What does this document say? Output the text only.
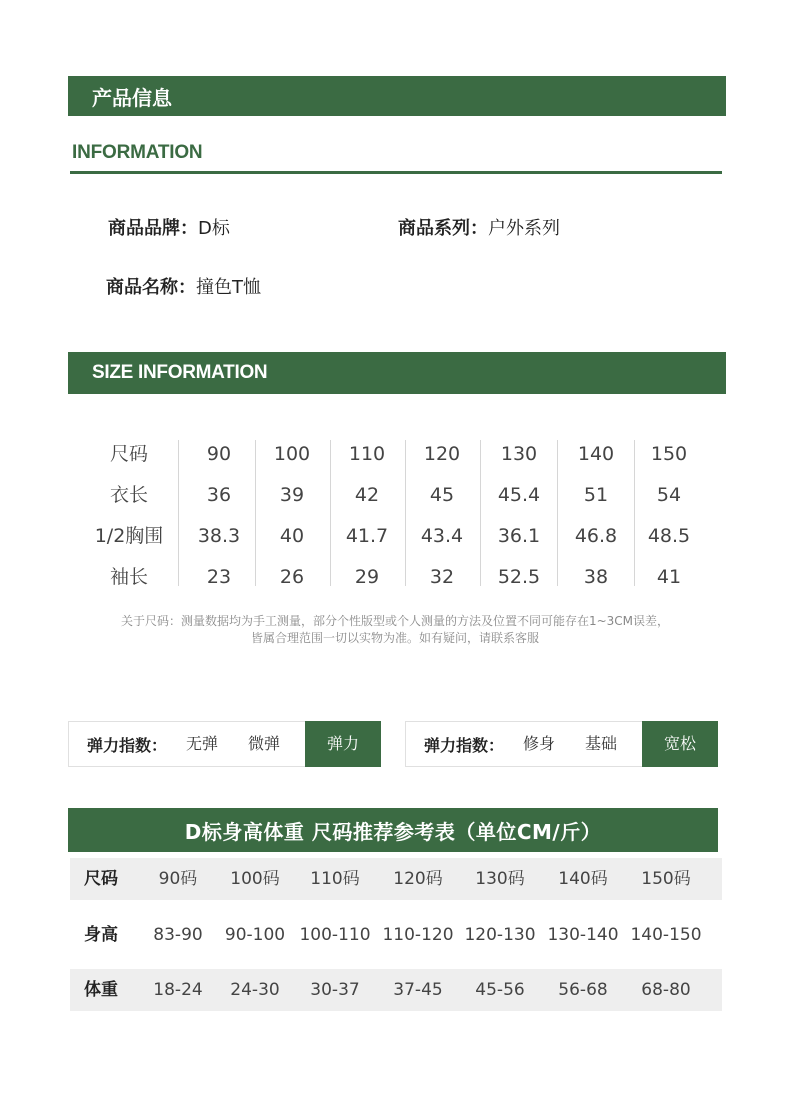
产品信息
INFORMATION
商品品牌：D标	商品系列：户外系列
商品名称：撞色T恤
SIZE INFORMATION
尺码	90	100	110	120	130	140	150
衣长	36	39	42	45	45.4	51	54
1/2胸围	38.3	40	41.7	43.4	36.1	46.8	48.5
袖长	23	26	29	32	52.5	38	41
关于尺码：测量数据均为手工测量，部分个性版型或个人测量的方法及位置不同可能存在1~3CM误差，
皆属合理范围一切以实物为准。如有疑问，请联系客服
弹力指数： 无弹 微弹	弹力	弹力指数： 修身 基础	宽松
D标身高体重 尺码推荐参考表（单位CM/斤）
尺码	90码	100码	110码	120码	130码	140码	150码
身高	83-90	90-100 100-110 110-120 120-130 130-140 140-150
体重	18-24	24-30	30-37	37-45	45-56	56-68	68-80
